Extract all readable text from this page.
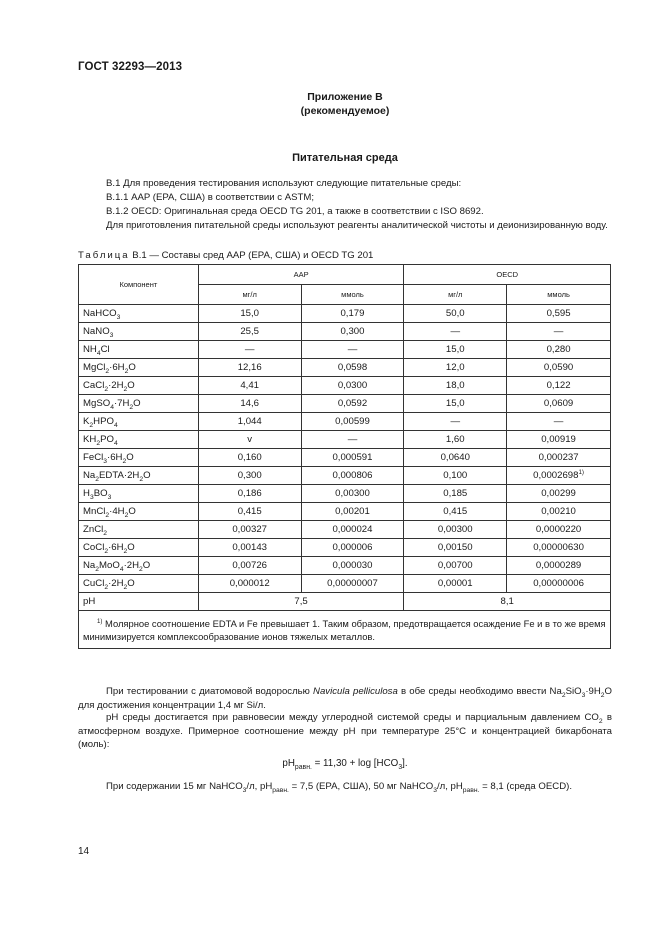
ГОСТ 32293—2013
Приложение В
(рекомендуемое)
Питательная среда
В.1 Для проведения тестирования используют следующие питательные среды:
В.1.1 AAP (EPA, США) в соответствии с ASTM;
В.1.2 OECD: Оригинальная среда OECD TG 201, а также в соответствии с ISO 8692.
Для приготовления питательной среды используют реагенты аналитической чистоты и деионизированную воду.
Таблица В.1 — Составы сред AAP (EPA, США) и OECD TG 201
Компонент	AAP		OECD	
	мг/л	ммоль	мг/л	ммоль
NaHCO$_3$	15,0	0,179	50,0	0,595
NaNO$_3$	25,5	0,300	—	—
$NH_4Cl$	—	—	15,0	0,280
$MgCl_2\cdot 6H_2O$	12,16	0,0598	12,0	0,0590
$CaCl_2\cdot 2H_2O$	4,41	0,0300	18,0	0,122
$MgSO_4\cdot 7H_2O$	14,6	0,0592	15,0	0,0609
$K_2HPO_4$	1,044	0,00599	—	—
$KH_2PO_4$	v	—	1,60	0,00919
$FeCl_3\cdot 6H_2O$	0,160	0,000591	0,0640	0,000237
$Na_2EDTA\cdot 2H_2O$	0,300	0,000806	0,100	0,0002698$^{1)}$
$H_3BO_3$	0,186	0,00300	0,185	0,00299
$MnCl_2\cdot 4H_2O$	0,415	0,00201	0,415	0,00210
ZnCl$_2$	0,00327	0,000024	0,00300	0,0000220
$CoCl_2\cdot 6H_2O$	0,00143	0,000006	0,00150	0,00000630
$Na_2MoO_4\cdot 2H_2O$	0,00726	0,000030	0,00700	0,0000289
$CuCl_2\cdot 2H_2O$	0,000012	0,00000007	0,00001	0,00000006
pH	7,5		8,1	
$^{1)}$ Молярное соотношение EDTA и Fe превышает 1. Таким образом, предотвращается осаждение Fe и в то же время минимизируется комплексообразование ионов тяжелых металлов.				
При тестировании с диатомовой водорослью Navicula pelliculosa в обе среды необходимо ввести $Na_2SiO_3\cdot 9H_2O$ для достижения концентрации 1,4 мг Si/л.
pH среды достигается при равновесии между углеродной системой среды и парциальным давлением $CO_2$ в атмосферном воздухе. Примерное соотношение между pH при температуре 25°С и концентрацией бикарбоната (моль):
$pH_{равн.} = 11,30 + \log [HCO_3]$.
При содержании 15 мг NaHCO$_3$/л, $pH_{равн.} = 7,5$ (EPA, США), 50 мг NaHCO$_3$/л, $pH_{равн.} = 8,1$ (среда OECD).
14
